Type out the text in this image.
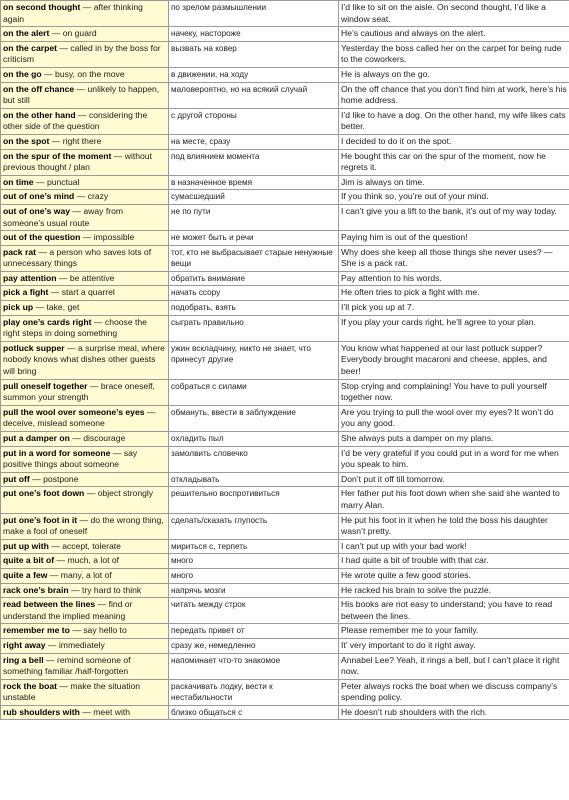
on second thought — after thinking again	по зрелом размышлении	I’d like to sit on the aisle. On second thought, I’d like a window seat.
on the alert — on guard	начеку, настороже	He’s cautious and always on the alert.
on the carpet — called in by the boss for criticism	вызвать на ковер	Yesterday the boss called her on the carpet for being rude to the coworkers.
on the go — busy, on the move	в движении, на ходу	He is always on the go.
on the off chance — unlikely to happen, but still	маловероятно, но на всякий случай	On the off chance that you don’t find him at work, here’s his home address.
on the other hand — considering the other side of the question	с другой стороны	I’d like to have a dog. On the other hand, my wife likes cats better.
on the spot — right there	на месте, сразу	I decided to do it on the spot.
on the spur of the moment — without previous thought / plan	под влиянием момента	He bought this car on the spur of the moment, now he regrets it.
on time — punctual	в назначенное время	Jim is always on time.
out of one’s mind — crazy	сумасшедший	If you think so, you’re out of your mind.
out of one’s way — away from someone’s usual route	не по пути	I can’t give you a lift to the bank, it’s out of my way today.
out of the question — impossible	не может быть и речи	Paying him is out of the question!
pack rat — a person who saves lots of unnecessary things	тот, кто не выбрасывает старые ненужные вещи	Why does she keep all those things she never uses? — She is a pack rat.
pay attention — be attentive	обратить внимание	Pay attention to his words.
pick a fight — start a quarrel	начать ссору	He often tries to pick a fight with me.
pick up — take, get	подобрать, взять	I’ll pick you up at 7.
play one’s cards right — choose the right steps in doing something	сыграть правильно	If you play your cards right, he’ll agree to your plan.
potluck supper — a surprise meal, where nobody knows what dishes other guests will bring	ужин вскладчину, никто не знает, что принесут другие	You know what happened at our last potluck supper? Everybody brought macaroni and cheese, apples, and beer!
pull oneself together — brace oneself, summon your strength	собраться с силами	Stop crying and complaining! You have to pull yourself together now.
pull the wool over someone’s eyes — deceive, mislead someone	обмануть, ввести в заблуждение	Are you trying to pull the wool over my eyes? It won’t do you any good.
put a damper on — discourage	охладить пыл	She always puts a damper on my plans.
put in a word for someone — say positive things about someone	замолвить словечко	I’d be very grateful if you could put in a word for me when you speak to him.
put off — postpone	откладывать	Don’t put it off till tomorrow.
put one’s foot down — object strongly	решительно воспротивиться	Her father put his foot down when she said she wanted to marry Alan.
put one’s foot in it — do the wrong thing, make a fool of oneself	сделать/сказать глупость	He put his foot in it when he told the boss his daughter wasn’t pretty.
put up with — accept, tolerate	мириться с, терпеть	I can’t put up with your bad work!
quite a bit of — much, a lot of	много	I had quite a bit of trouble with that car.
quite a few — many, a lot of	много	He wrote quite a few good stories.
rack one’s brain — try hard to think	напрячь мозги	He racked his brain to solve the puzzle.
read between the lines — find or understand the implied meaning	читать между строк	His books are not easy to understand; you have to read between the lines.
remember me to — say hello to	передать привет от	Please remember me to your family.
right away — immediately	сразу же, немедленно	It’ very important to do it right away.
ring a bell — remind someone of something familiar /half-forgotten	напоминает что-то знакомое	Annabel Lee? Yeah, it rings a bell, but I can’t place it right now.
rock the boat — make the situation unstable	раскачивать лодку, вести к нестабильности	Peter always rocks the boat when we discuss company’s spending policy.
rub shoulders with — meet with	близко общаться с	He doesn’t rub shoulders with the rich.
